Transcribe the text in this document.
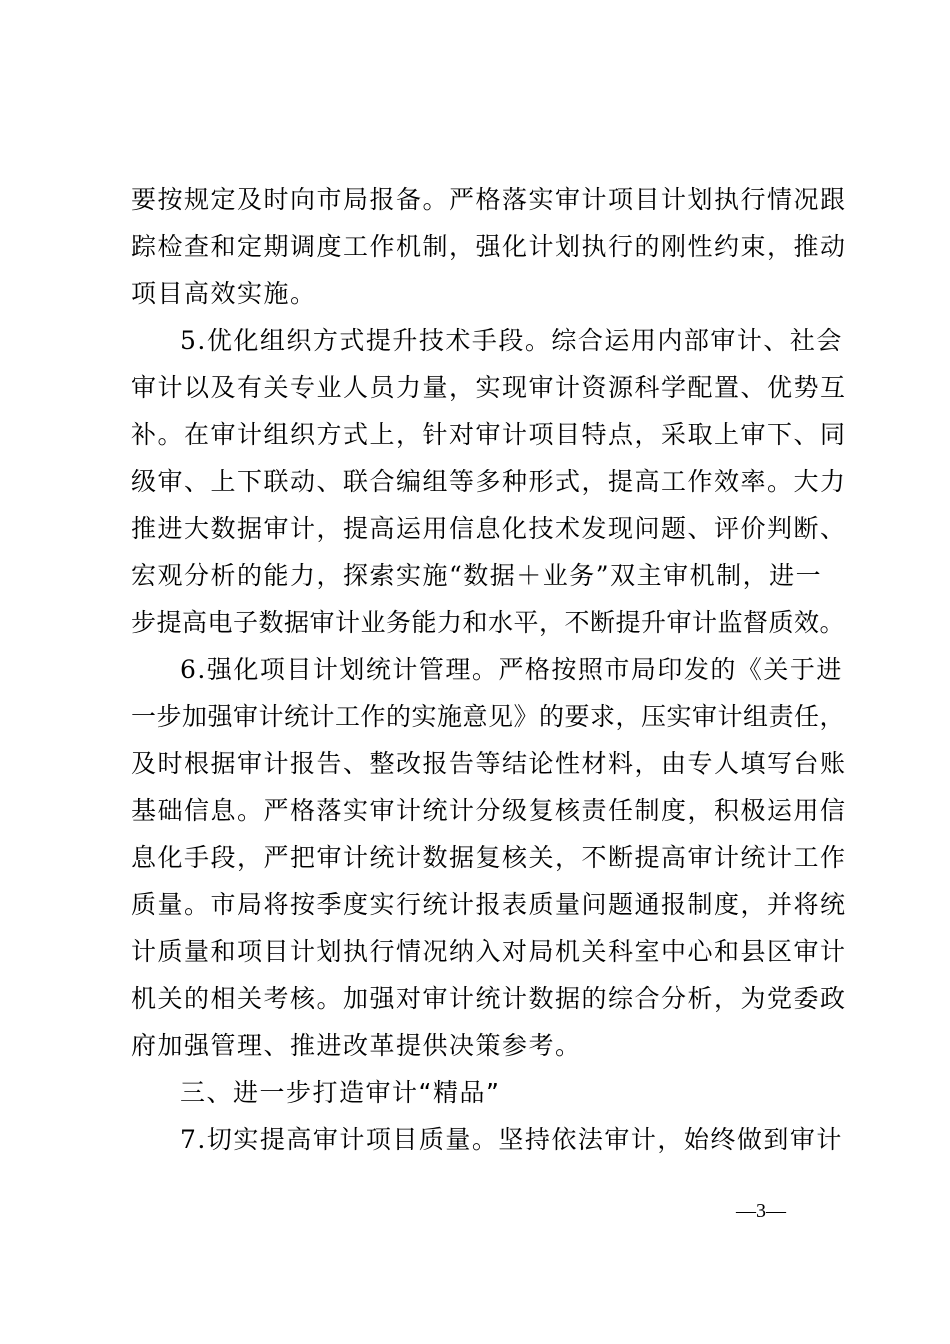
要按规定及时向市局报备。严格落实审计项目计划执行情况跟
踪检查和定期调度工作机制，强化计划执行的刚性约束，推动
项目高效实施。
5.优化组织方式提升技术手段。综合运用内部审计、社会
审计以及有关专业人员力量，实现审计资源科学配置、优势互
补。在审计组织方式上，针对审计项目特点，采取上审下、同
级审、上下联动、联合编组等多种形式，提高工作效率。大力
推进大数据审计，提高运用信息化技术发现问题、评价判断、
宏观分析的能力，探索实施“数据＋业务”双主审机制，进一
步提高电子数据审计业务能力和水平，不断提升审计监督质效。
6.强化项目计划统计管理。严格按照市局印发的《关于进
一步加强审计统计工作的实施意见》的要求，压实审计组责任，
及时根据审计报告、整改报告等结论性材料，由专人填写台账
基础信息。严格落实审计统计分级复核责任制度，积极运用信
息化手段，严把审计统计数据复核关，不断提高审计统计工作
质量。市局将按季度实行统计报表质量问题通报制度，并将统
计质量和项目计划执行情况纳入对局机关科室中心和县区审计
机关的相关考核。加强对审计统计数据的综合分析，为党委政
府加强管理、推进改革提供决策参考。
三、进一步打造审计“精品”
7.切实提高审计项目质量。坚持依法审计，始终做到审计
—3—
